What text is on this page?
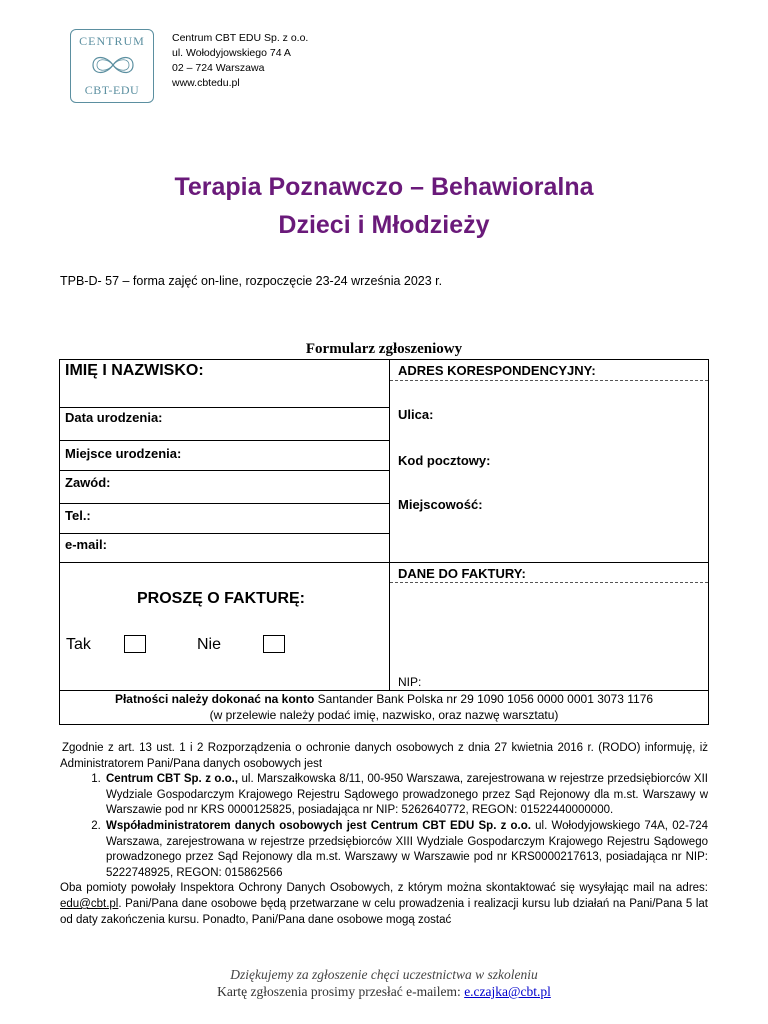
CENTRUM
CBT-EDU
Centrum CBT EDU Sp. z o.o.
ul. Wołodyjowskiego 74 A
02 – 724 Warszawa
www.cbtedu.pl
Terapia Poznawczo – Behawioralna
Dzieci i Młodzieży
TPB-D- 57 – forma zajęć on-line, rozpoczęcie 23-24 września 2023 r.
Formularz zgłoszeniowy
IMIĘ I NAZWISKO:
Data urodzenia:
Miejsce urodzenia:
Zawód:
Tel.:
e-mail:
PROSZĘ O FAKTURĘ:
Tak	Nie
ADRES KORESPONDENCYJNY:
Ulica:
Kod pocztowy:
Miejscowość:
DANE DO FAKTURY:
NIP:
Płatności należy dokonać na konto Santander Bank Polska nr 29 1090 1056 0000 0001 3073 1176
(w przelewie należy podać imię, nazwisko, oraz nazwę warsztatu)
Zgodnie z art. 13 ust. 1 i 2 Rozporządzenia o ochronie danych osobowych z dnia 27 kwietnia 2016 r. (RODO) informuję, iż Administratorem Pani/Pana danych osobowych jest
1. Centrum CBT Sp. z o.o., ul. Marszałkowska 8/11, 00-950 Warszawa, zarejestrowana w rejestrze przedsiębiorców XII Wydziale Gospodarczym Krajowego Rejestru Sądowego prowadzonego przez Sąd Rejonowy dla m.st. Warszawy w Warszawie pod nr KRS 0000125825, posiadająca nr NIP: 5262640772, REGON: 01522440000000.
2. Współadministratorem danych osobowych jest Centrum CBT EDU Sp. z o.o. ul. Wołodyjowskiego 74A, 02-724 Warszawa, zarejestrowana w rejestrze przedsiębiorców XIII Wydziale Gospodarczym Krajowego Rejestru Sądowego prowadzonego przez Sąd Rejonowy dla m.st. Warszawy w Warszawie pod nr KRS0000217613, posiadająca nr NIP: 5222748925, REGON: 015862566
Oba pomioty powołały Inspektora Ochrony Danych Osobowych, z którym można skontaktować się wysyłając mail na adres: edu@cbt.pl. Pani/Pana dane osobowe będą przetwarzane w celu prowadzenia i realizacji kursu lub działań na Pani/Pana 5 lat od daty zakończenia kursu. Ponadto, Pani/Pana dane osobowe mogą zostać
Dziękujemy za zgłoszenie chęci uczestnictwa w szkoleniu
Kartę zgłoszenia prosimy przesłać e-mailem: e.czajka@cbt.pl
